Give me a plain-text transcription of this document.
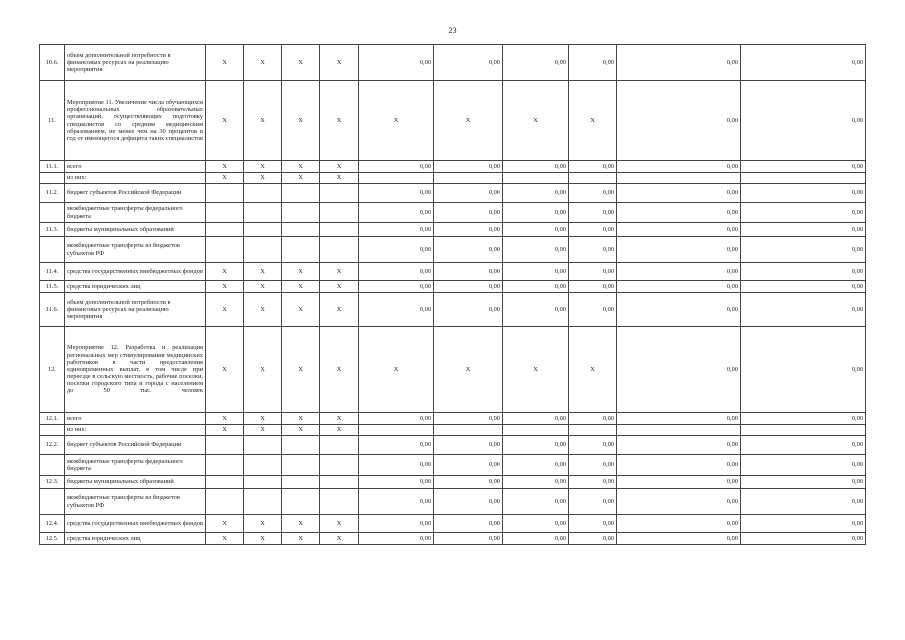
23
10.6.	объем дополнительной потребности в финансовых ресурсах на реализацию мероприятия	X	X	X	X	0,00	0,00	0,00	0,00	0,00	0,00
11.	Мероприятие 11. Увеличение числа обучающихся профессиональных образовательных организаций, осуществляющих подготовку специалистов со средним медицинским образованием, не менее чем на 30 процентов в год от имеющегося дефицита таких специалистов	X	X	X	X	X	X	X	X	0,00	0,00
11.1.	всего	X	X	X	X	0,00	0,00	0,00	0,00	0,00	0,00
	из них:	X	X	X	X						
11.2.	бюджет субъектов Российской Федерации					0,00	0,00	0,00	0,00	0,00	0,00
	межбюджетные трансферты федерального бюджета					0,00	0,00	0,00	0,00	0,00	0,00
11.3.	бюджеты муниципальных образований					0,00	0,00	0,00	0,00	0,00	0,00
	межбюджетные трансферты из бюджетов субъектов РФ					0,00	0,00	0,00	0,00	0,00	0,00
11.4.	средства государственных внебюджетных фондов	X	X	X	X	0,00	0,00	0,00	0,00	0,00	0,00
11.5.	средства юридических лиц	X	X	X	X	0,00	0,00	0,00	0,00	0,00	0,00
11.6.	объем дополнительной потребности в финансовых ресурсах на реализацию мероприятия	X	X	X	X	0,00	0,00	0,00	0,00	0,00	0,00
12.	Мероприятие 12. Разработка и реализация региональных мер стимулирования медицинских работников в части предоставления единовременных выплат, в том числе при переезде в сельскую местность, рабочие поселки, поселки городского типа и города с населением до 50 тыс. человек	X	X	X	X	X	X	X	X	0,00	0,00
12.1.	всего	X	X	X	X	0,00	0,00	0,00	0,00	0,00	0,00
	из них:	X	X	X	X						
12.2.	бюджет субъектов Российской Федерации					0,00	0,00	0,00	0,00	0,00	0,00
	межбюджетные трансферты федерального бюджета					0,00	0,00	0,00	0,00	0,00	0,00
12.3.	бюджеты муниципальных образований					0,00	0,00	0,00	0,00	0,00	0,00
	межбюджетные трансферты из бюджетов субъектов РФ					0,00	0,00	0,00	0,00	0,00	0,00
12.4.	средства государственных внебюджетных фондов	X	X	X	X	0,00	0,00	0,00	0,00	0,00	0,00
12.5.	средства юридических лиц	X	X	X	X	0,00	0,00	0,00	0,00	0,00	0,00
